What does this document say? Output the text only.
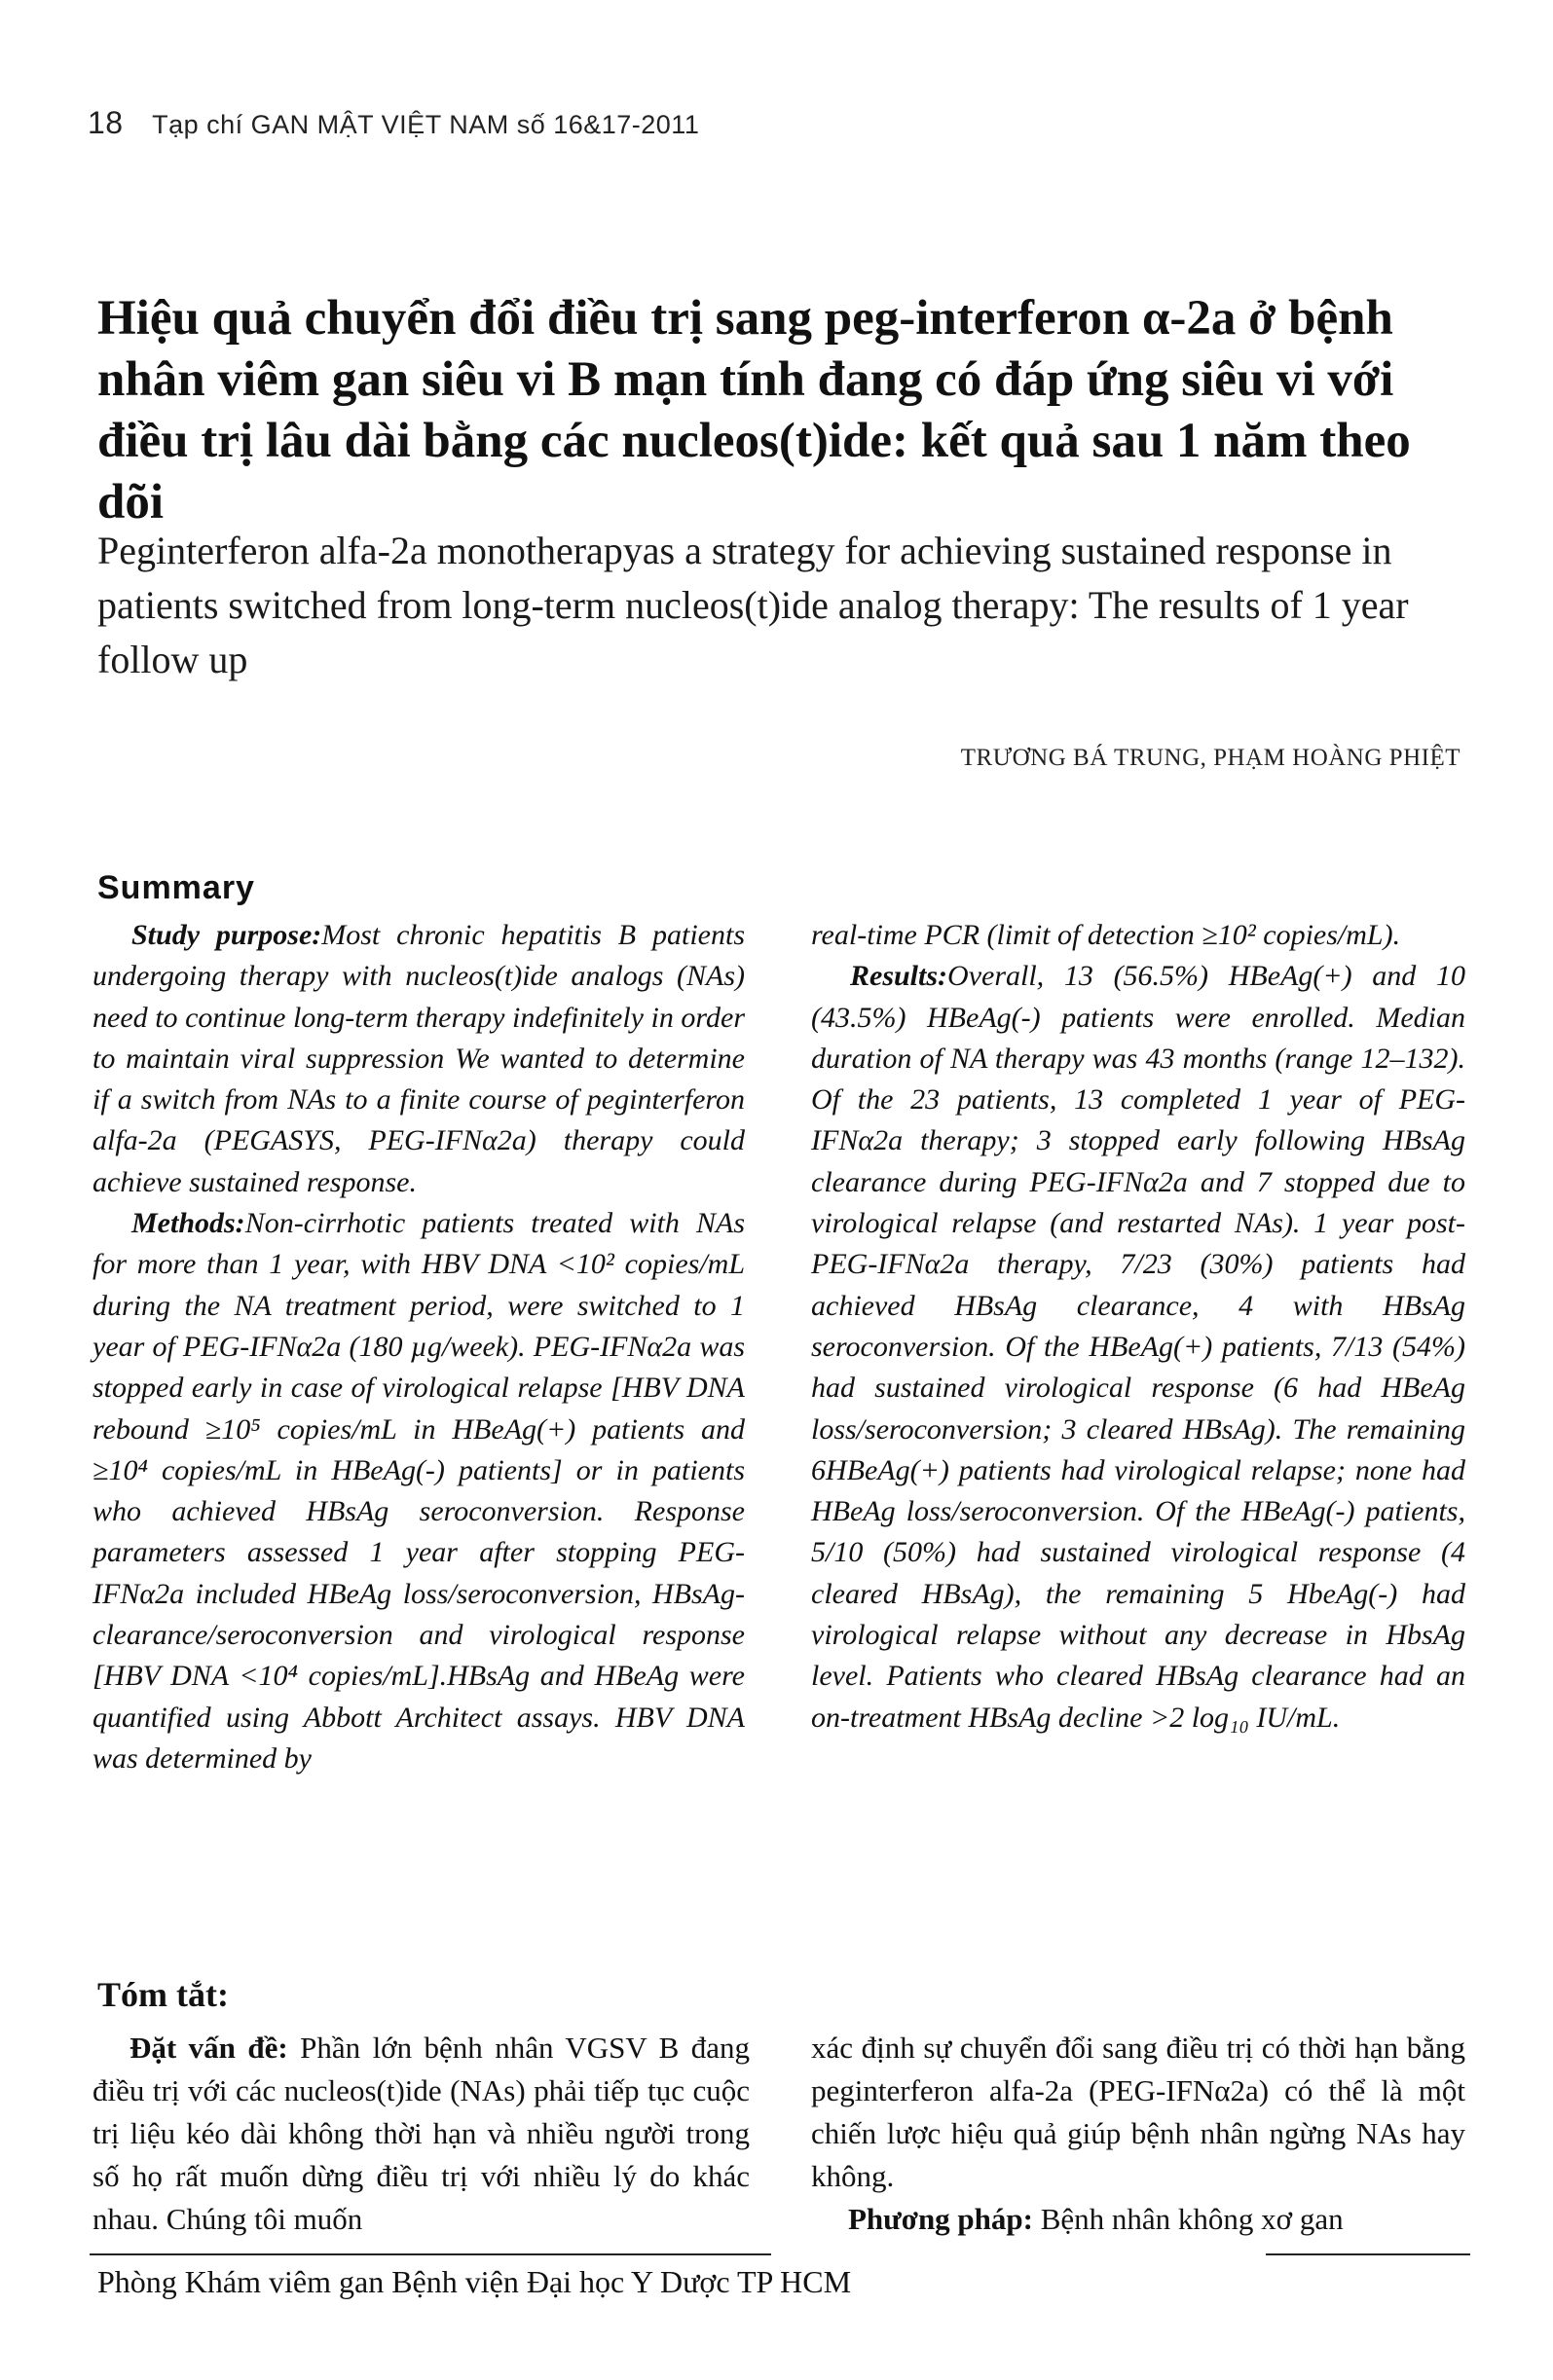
18 Tạp chí GAN MẬT VIỆT NAM số 16&17-2011
Hiệu quả chuyển đổi điều trị sang peg-interferon α-2a ở bệnh nhân viêm gan siêu vi B mạn tính đang có đáp ứng siêu vi với điều trị lâu dài bằng các nucleos(t)ide: kết quả sau 1 năm theo dõi
Peginterferon alfa-2a monotherapyas a strategy for achieving sustained response in patients switched from long-term nucleos(t)ide analog therapy: The results of 1 year follow up
TRƯƠNG BÁ TRUNG, PHẠM HOÀNG PHIỆT
Summary

Study purpose:Most chronic hepatitis B patients undergoing therapy with nucleos(t)ide analogs (NAs) need to continue long-term therapy indefinitely in order to maintain viral suppression We wanted to determine if a switch from NAs to a finite course of peginterferon alfa-2a (PEGASYS, PEG-IFNα2a) therapy could achieve sustained response.

Methods:Non-cirrhotic patients treated with NAs for more than 1 year, with HBV DNA <10² copies/mL during the NA treatment period, were switched to 1 year of PEG-IFNα2a (180 µg/week). PEG-IFNα2a was stopped early in case of virological relapse [HBV DNA rebound ≥10⁵ copies/mL in HBeAg(+) patients and ≥10⁴ copies/mL in HBeAg(-) patients] or in patients who achieved HBsAg seroconversion. Response parameters assessed 1 year after stopping PEG-IFNα2a included HBeAg loss/seroconversion, HBsAg-clearance/seroconversion and virological response [HBV DNA <10⁴ copies/mL].HBsAg and HBeAg were quantified using Abbott Architect assays. HBV DNA was determined by

real-time PCR (limit of detection ≥10² copies/mL).

Results:Overall, 13 (56.5%) HBeAg(+) and 10 (43.5%) HBeAg(-) patients were enrolled. Median duration of NA therapy was 43 months (range 12–132). Of the 23 patients, 13 completed 1 year of PEG-IFNα2a therapy; 3 stopped early following HBsAg clearance during PEG-IFNα2a and 7 stopped due to virological relapse (and restarted NAs). 1 year post-PEG-IFNα2a therapy, 7/23 (30%) patients had achieved HBsAg clearance, 4 with HBsAg seroconversion. Of the HBeAg(+) patients, 7/13 (54%) had sustained virological response (6 had HBeAg loss/seroconversion; 3 cleared HBsAg). The remaining 6HBeAg(+) patients had virological relapse; none had HBeAg loss/seroconversion. Of the HBeAg(-) patients, 5/10 (50%) had sustained virological response (4 cleared HBsAg), the remaining 5 HbeAg(-) had virological relapse without any decrease in HbsAg level. Patients who cleared HBsAg clearance had an on-treatment HBsAg decline >2 log₁₀ IU/mL.

Tóm tắt:

Đặt vấn đề: Phần lớn bệnh nhân VGSV B đang điều trị với các nucleos(t)ide (NAs) phải tiếp tục cuộc trị liệu kéo dài không thời hạn và nhiều người trong số họ rất muốn dừng điều trị với nhiều lý do khác nhau. Chúng tôi muốn

xác định sự chuyển đổi sang điều trị có thời hạn bằng peginterferon alfa-2a (PEG-IFNα2a) có thể là một chiến lược hiệu quả giúp bệnh nhân ngừng NAs hay không.

Phương pháp: Bệnh nhân không xơ gan

Phòng Khám viêm gan Bệnh viện Đại học Y Dược TP HCM
